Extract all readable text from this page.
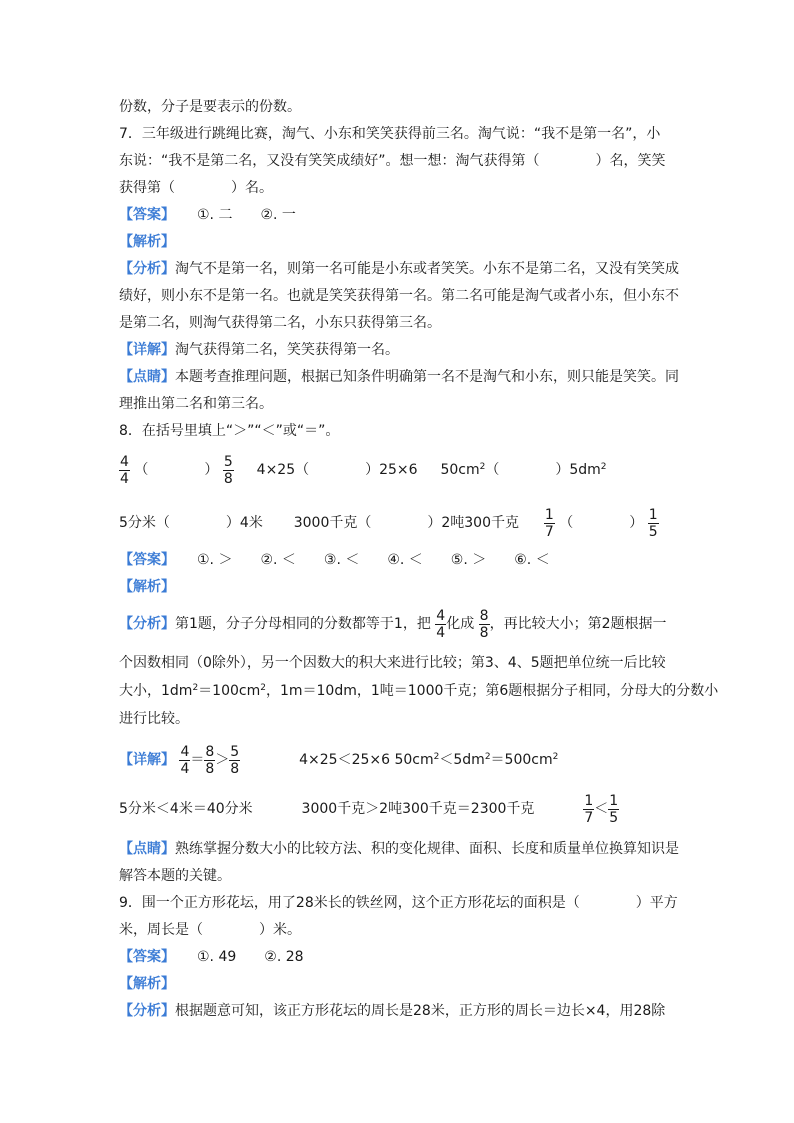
份数，分子是要表示的份数。
7．三年级进行跳绳比赛，淘气、小东和笑笑获得前三名。淘气说：“我不是第一名”，小
东说：“我不是第二名，又没有笑笑成绩好”。想一想：淘气获得第（　　　　）名，笑笑
获得第（　　　　）名。
【答案】 ①. 二　　②. 一
【解析】
【分析】淘气不是第一名，则第一名可能是小东或者笑笑。小东不是第二名，又没有笑笑成
绩好，则小东不是第一名。也就是笑笑获得第一名。第二名可能是淘气或者小东，但小东不
是第二名，则淘气获得第二名，小东只获得第三名。
【详解】淘气获得第二名，笑笑获得第一名。
【点睛】本题考查推理问题，根据已知条件明确第一名不是淘气和小东，则只能是笑笑。同
理推出第二名和第三名。
8．在括号里填上“＞”“＜”或“＝”。
$\frac{4}{4}$ （　　　　） $\frac{5}{8} 4\times 25$（　　　　）25×6 $50cm^2$（　　　　）$5dm^2$
5分米（　　　　）4米 3000千克（　　　　）2吨300千克 $\frac{1}{7}$ （　　　　） $\frac{1}{5}$
【答案】 ①. ＞　　②. ＜　　③. ＜　　④. ＜　　⑤. ＞　　⑥. ＜
【解析】
【分析】第1题，分子分母相同的分数都等于1，把 $\frac{4}{4}$ 化成 $\frac{8}{8}$ ，再比较大小；第2题根据一
个因数相同（0除外），另一个因数大的积大来进行比较；第3、4、5题把单位统一后比较
大小，$1dm^2=100cm^2$，1m＝10dm，1吨＝1000千克；第6题根据分子相同，分母大的分数小
进行比较。
【详解】 $\frac{4}{4} = \frac{8}{8} > \frac{5}{8}$	4×25＜25×6 $50cm^2<5dm^2=500cm^2$
5分米＜4米＝40分米	3000千克＞2吨300千克＝2300千克	$\frac{1}{7} < \frac{1}{5}$
【点睛】熟练掌握分数大小的比较方法、积的变化规律、面积、长度和质量单位换算知识是
解答本题的关键。
9．围一个正方形花坛，用了28米长的铁丝网，这个正方形花坛的面积是（　　　　）平方
米，周长是（　　　　）米。
【答案】 ①. 49　　②. 28
【解析】
【分析】根据题意可知，该正方形花坛的周长是28米，正方形的周长＝边长×4，用28除
